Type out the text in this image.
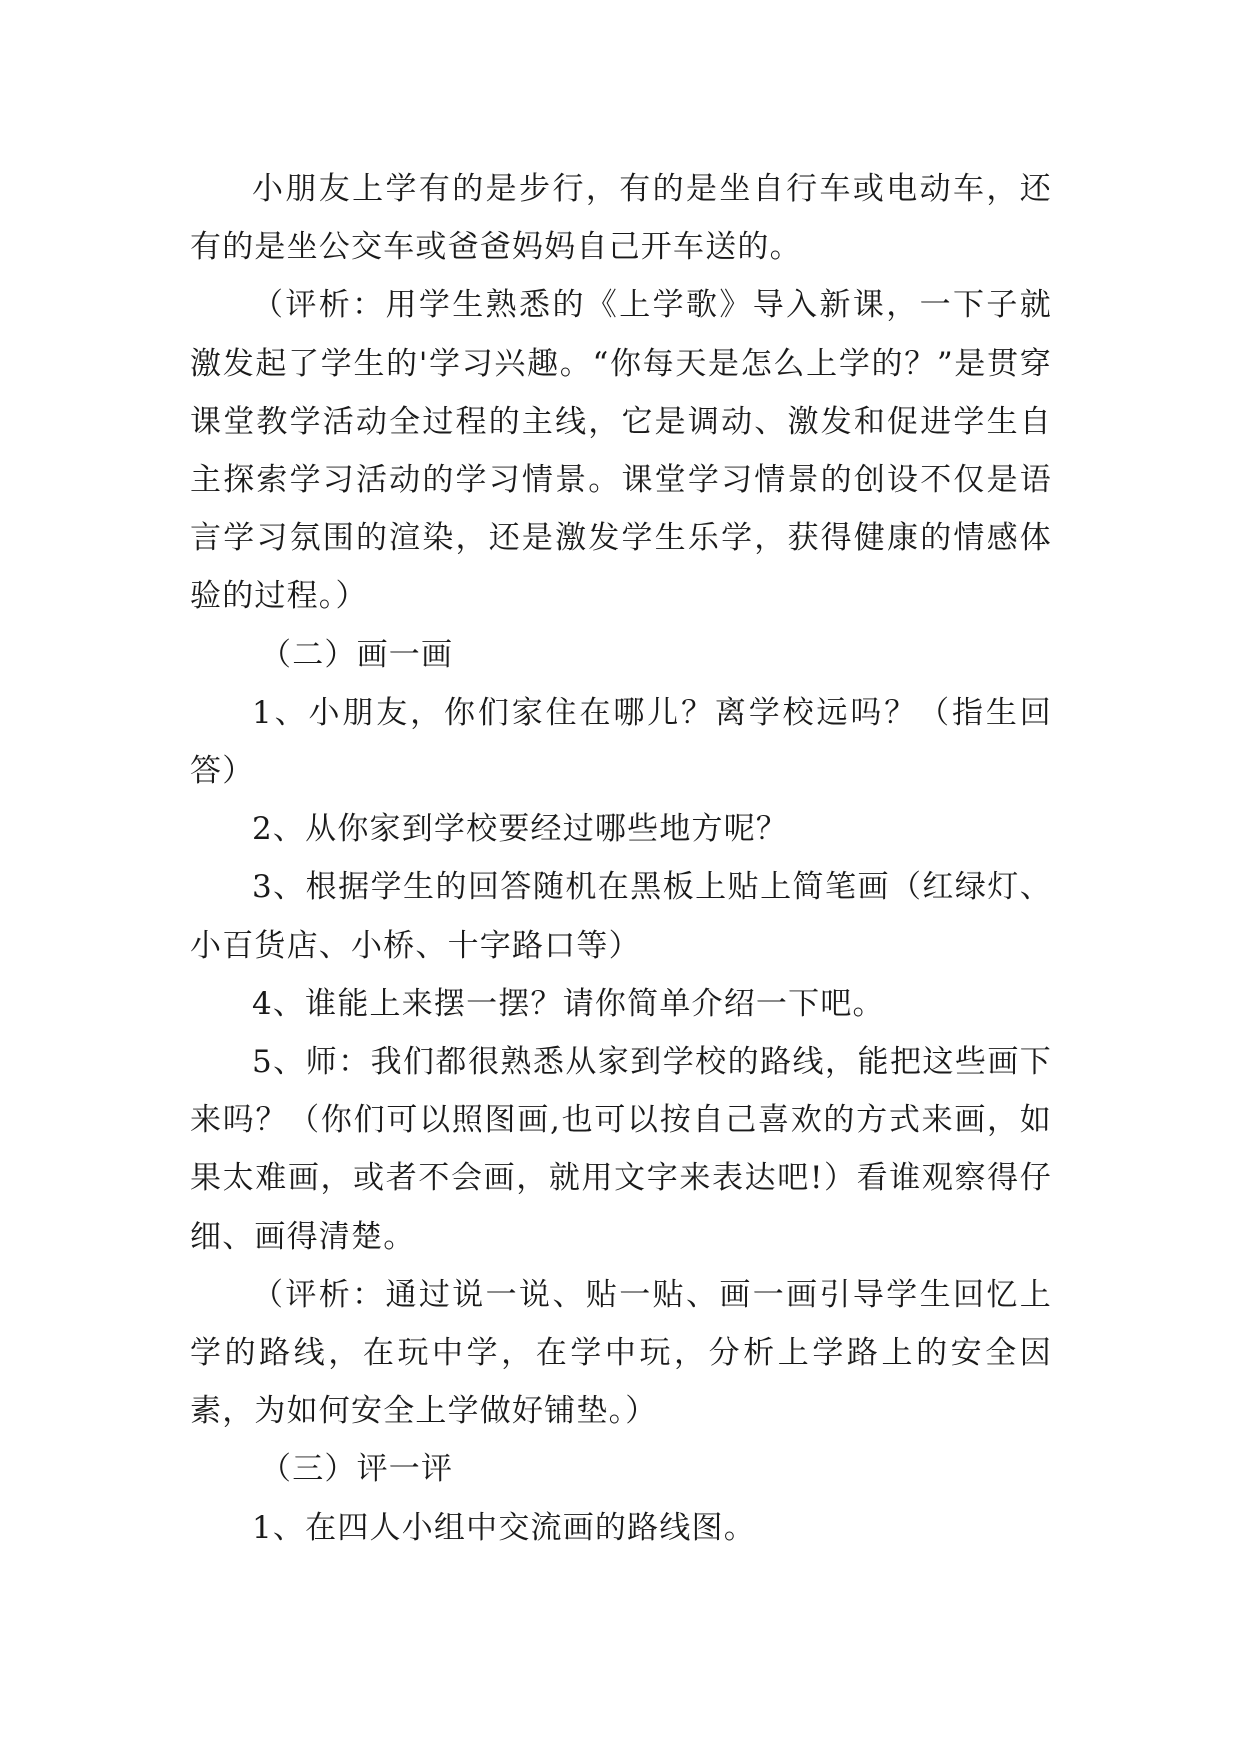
小朋友上学有的是步行，有的是坐自行车或电动车，还有的是坐公交车或爸爸妈妈自己开车送的。

（评析：用学生熟悉的《上学歌》导入新课，一下子就激发起了学生的'学习兴趣。“你每天是怎么上学的？”是贯穿课堂教学活动全过程的主线，它是调动、激发和促进学生自主探索学习活动的学习情景。课堂学习情景的创设不仅是语言学习氛围的渲染，还是激发学生乐学，获得健康的情感体验的过程。）

（二）画一画

1、小朋友，你们家住在哪儿？离学校远吗？（指生回答）

2、从你家到学校要经过哪些地方呢？

3、根据学生的回答随机在黑板上贴上简笔画（红绿灯、小百货店、小桥、十字路口等）

4、谁能上来摆一摆？请你简单介绍一下吧。

5、师：我们都很熟悉从家到学校的路线，能把这些画下来吗？（你们可以照图画,也可以按自己喜欢的方式来画，如果太难画，或者不会画，就用文字来表达吧!）看谁观察得仔细、画得清楚。

（评析：通过说一说、贴一贴、画一画引导学生回忆上学的路线，在玩中学，在学中玩，分析上学路上的安全因素，为如何安全上学做好铺垫。）

（三）评一评

1、在四人小组中交流画的路线图。
